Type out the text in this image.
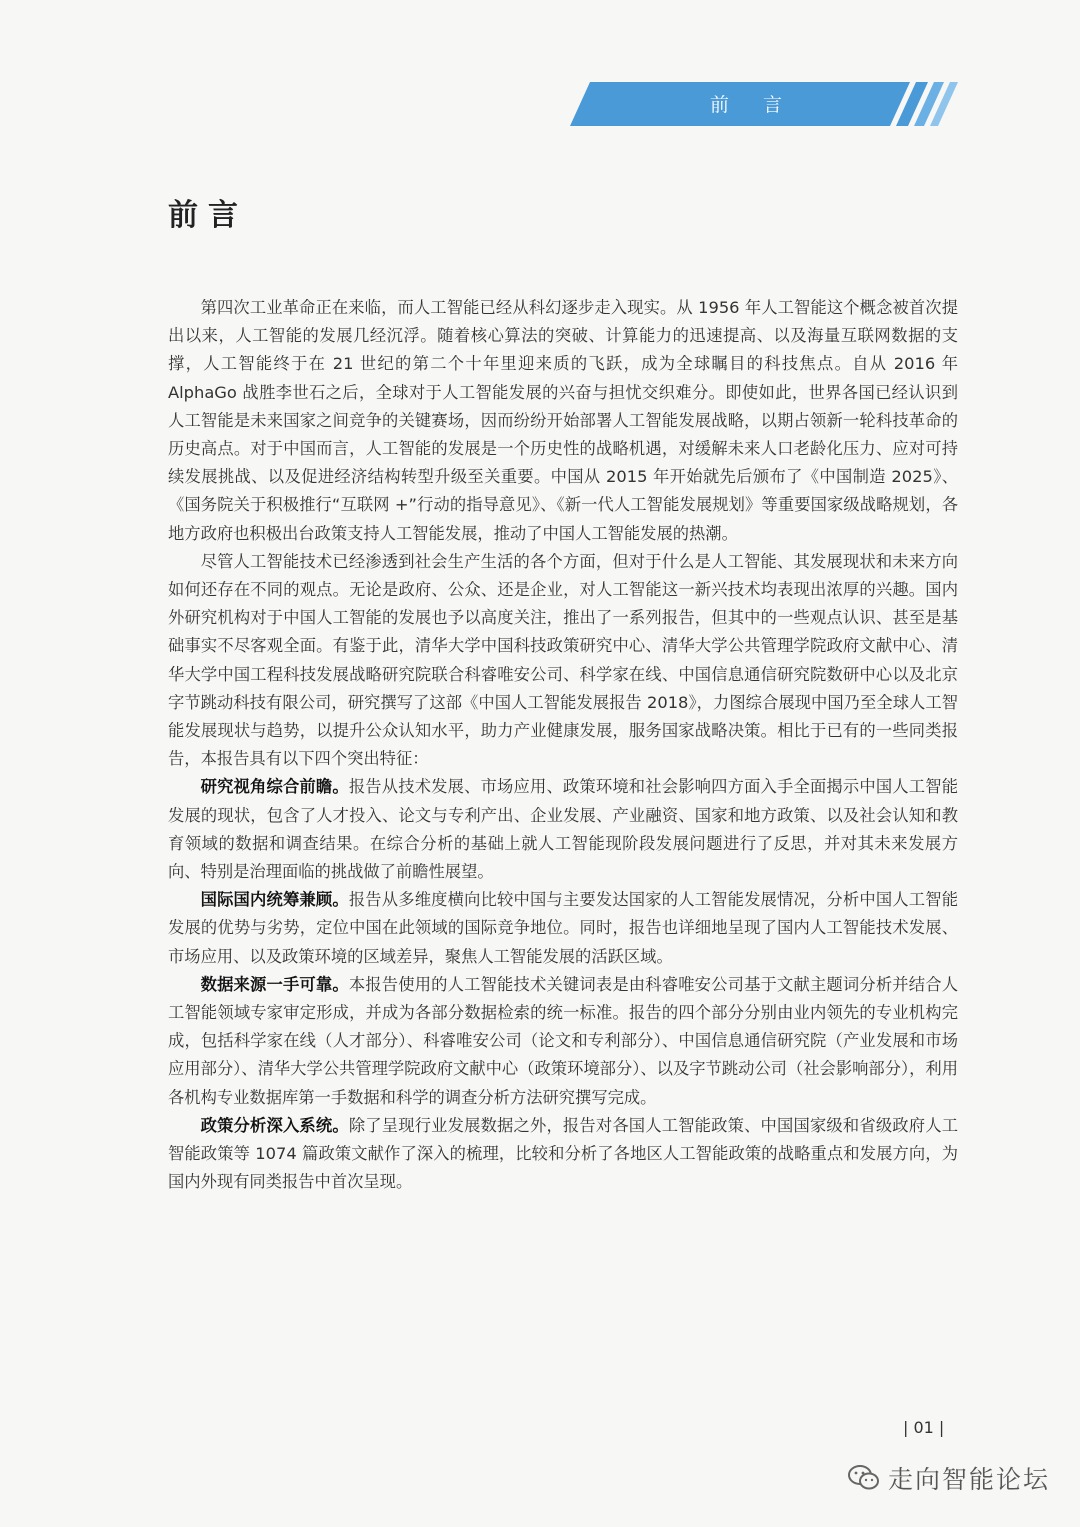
前 言
前言

第四次工业革命正在来临，而人工智能已经从科幻逐步走入现实。从 1956 年人工智能这个概念被首次提出以来，人工智能的发展几经沉浮。随着核心算法的突破、计算能力的迅速提高、以及海量互联网数据的支撑，人工智能终于在 21 世纪的第二个十年里迎来质的飞跃，成为全球瞩目的科技焦点。自从 2016 年 AlphaGo 战胜李世石之后，全球对于人工智能发展的兴奋与担忧交织难分。即使如此，世界各国已经认识到人工智能是未来国家之间竞争的关键赛场，因而纷纷开始部署人工智能发展战略，以期占领新一轮科技革命的历史高点。对于中国而言，人工智能的发展是一个历史性的战略机遇，对缓解未来人口老龄化压力、应对可持续发展挑战、以及促进经济结构转型升级至关重要。中国从 2015 年开始就先后颁布了《中国制造 2025》、《国务院关于积极推行“互联网 +”行动的指导意见》、《新一代人工智能发展规划》等重要国家级战略规划，各地方政府也积极出台政策支持人工智能发展，推动了中国人工智能发展的热潮。

尽管人工智能技术已经渗透到社会生产生活的各个方面，但对于什么是人工智能、其发展现状和未来方向如何还存在不同的观点。无论是政府、公众、还是企业，对人工智能这一新兴技术均表现出浓厚的兴趣。国内外研究机构对于中国人工智能的发展也予以高度关注，推出了一系列报告，但其中的一些观点认识、甚至是基础事实不尽客观全面。有鉴于此，清华大学中国科技政策研究中心、清华大学公共管理学院政府文献中心、清华大学中国工程科技发展战略研究院联合科睿唯安公司、科学家在线、中国信息通信研究院数研中心以及北京字节跳动科技有限公司，研究撰写了这部《中国人工智能发展报告 2018》，力图综合展现中国乃至全球人工智能发展现状与趋势，以提升公众认知水平，助力产业健康发展，服务国家战略决策。相比于已有的一些同类报告，本报告具有以下四个突出特征：

研究视角综合前瞻。报告从技术发展、市场应用、政策环境和社会影响四方面入手全面揭示中国人工智能发展的现状，包含了人才投入、论文与专利产出、企业发展、产业融资、国家和地方政策、以及社会认知和教育领域的数据和调查结果。在综合分析的基础上就人工智能现阶段发展问题进行了反思，并对其未来发展方向、特别是治理面临的挑战做了前瞻性展望。

国际国内统筹兼顾。报告从多维度横向比较中国与主要发达国家的人工智能发展情况，分析中国人工智能发展的优势与劣势，定位中国在此领域的国际竞争地位。同时，报告也详细地呈现了国内人工智能技术发展、市场应用、以及政策环境的区域差异，聚焦人工智能发展的活跃区域。

数据来源一手可靠。本报告使用的人工智能技术关键词表是由科睿唯安公司基于文献主题词分析并结合人工智能领域专家审定形成，并成为各部分数据检索的统一标准。报告的四个部分分别由业内领先的专业机构完成，包括科学家在线（人才部分）、科睿唯安公司（论文和专利部分）、中国信息通信研究院（产业发展和市场应用部分）、清华大学公共管理学院政府文献中心（政策环境部分）、以及字节跳动公司（社会影响部分），利用各机构专业数据库第一手数据和科学的调查分析方法研究撰写完成。

政策分析深入系统。除了呈现行业发展数据之外，报告对各国人工智能政策、中国国家级和省级政府人工智能政策等 1074 篇政策文献作了深入的梳理，比较和分析了各地区人工智能政策的战略重点和发展方向，为国内外现有同类报告中首次呈现。

| 01 |
走向智能论坛
